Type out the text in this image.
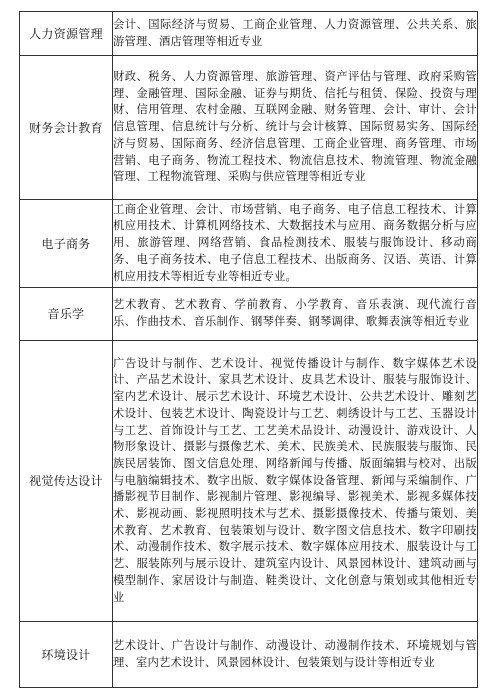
人力资源管理	会计、国际经济与贸易、工商企业管理、人力资源管理、公共关系、旅游管理、酒店管理等相近专业
财务会计教育	财政、税务、人力资源管理、旅游管理、资产评估与管理、政府采购管理、金融管理、国际金融、证券与期货、信托与租赁、保险、投资与理财、信用管理、农村金融、互联网金融、财务管理、会计、审计、会计信息管理、信息统计与分析、统计与会计核算、国际贸易实务、国际经济与贸易、国际商务、经济信息管理、工商企业管理、商务管理、市场营销、电子商务、物流工程技术、物流信息技术、物流管理、物流金融管理、工程物流管理、采购与供应管理等相近专业
电子商务	工商企业管理、会计、市场营销、电子商务、电子信息工程技术、计算机应用技术、计算机网络技术、大数据技术与应用、商务数据分析与应用、旅游管理、网络营销、食品检测技术、服装与服饰设计、移动商务、电子商务技术、电子信息工程技术、出版商务、汉语、英语、计算机应用技术等相近专业等相近专业。
音乐学	艺术教育、艺术教育、学前教育、小学教育、音乐表演、现代流行音乐、作曲技术、音乐制作、钢琴伴奏、钢琴调律、歌舞表演等相近专业
视觉传达设计	广告设计与制作、艺术设计、视觉传播设计与制作、数字媒体艺术设计、产品艺术设计、家具艺术设计、皮具艺术设计、服装与服饰设计、室内艺术设计、展示艺术设计、环境艺术设计、公共艺术设计、雕刻艺术设计、包装艺术设计、陶瓷设计与工艺、刺绣设计与工艺、玉器设计与工艺、首饰设计与工艺、工艺美术品设计、动漫设计、游戏设计、人物形象设计、摄影与摄像艺术、美术、民族美术、民族服装与服饰、民族民居装饰、图文信息处理、网络新闻与传播、版面编辑与校对、出版与电脑编辑技术、数字出版、数字媒体设备管理、新闻与采编制作、广播影视节目制作、影视制片管理、影视编导、影视美术、影视多媒体技术、影视动画、影视照明技术与艺术、摄影摄像技术、传播与策划、美术教育、艺术教育、包装策划与设计、数字图文信息技术、数字印刷技术、动漫制作技术、数字展示技术、数字媒体应用技术、服装设计与工艺、服装陈列与展示设计、建筑室内设计、风景园林设计、建筑动画与模型制作、家居设计与制造、鞋类设计、文化创意与策划或其他相近专业
环境设计	艺术设计、广告设计与制作、动漫设计、动漫制作技术、环境规划与管理、室内艺术设计、风景园林设计、包装策划与设计等相近专业
